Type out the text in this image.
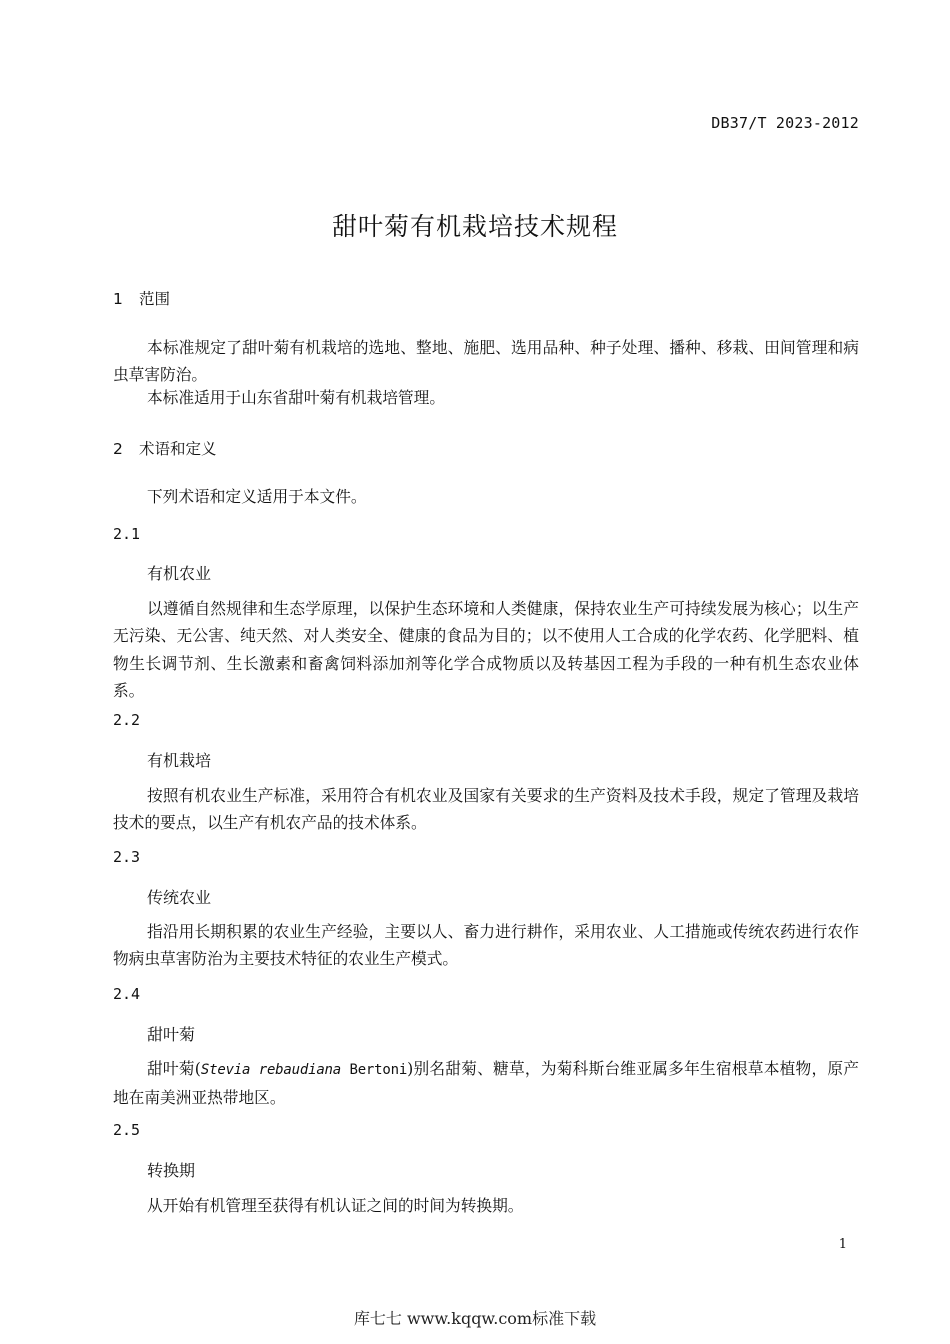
DB37/T 2023-2012
甜叶菊有机栽培技术规程
1 范围
本标准规定了甜叶菊有机栽培的选地、整地、施肥、选用品种、种子处理、播种、移栽、田间管理和病虫草害防治。
本标准适用于山东省甜叶菊有机栽培管理。
2 术语和定义
下列术语和定义适用于本文件。
2.1
有机农业
以遵循自然规律和生态学原理，以保护生态环境和人类健康，保持农业生产可持续发展为核心；以生产无污染、无公害、纯天然、对人类安全、健康的食品为目的；以不使用人工合成的化学农药、化学肥料、植物生长调节剂、生长激素和畜禽饲料添加剂等化学合成物质以及转基因工程为手段的一种有机生态农业体系。
2.2
有机栽培
按照有机农业生产标准，采用符合有机农业及国家有关要求的生产资料及技术手段，规定了管理及栽培技术的要点，以生产有机农产品的技术体系。
2.3
传统农业
指沿用长期积累的农业生产经验，主要以人、畜力进行耕作，采用农业、人工措施或传统农药进行农作物病虫草害防治为主要技术特征的农业生产模式。
2.4
甜叶菊
甜叶菊(Stevia rebaudiana Bertoni)别名甜菊、糖草，为菊科斯台维亚属多年生宿根草本植物，原产地在南美洲亚热带地区。
2.5
转换期
从开始有机管理至获得有机认证之间的时间为转换期。
1
库七七 www.kqqw.com标准下载
